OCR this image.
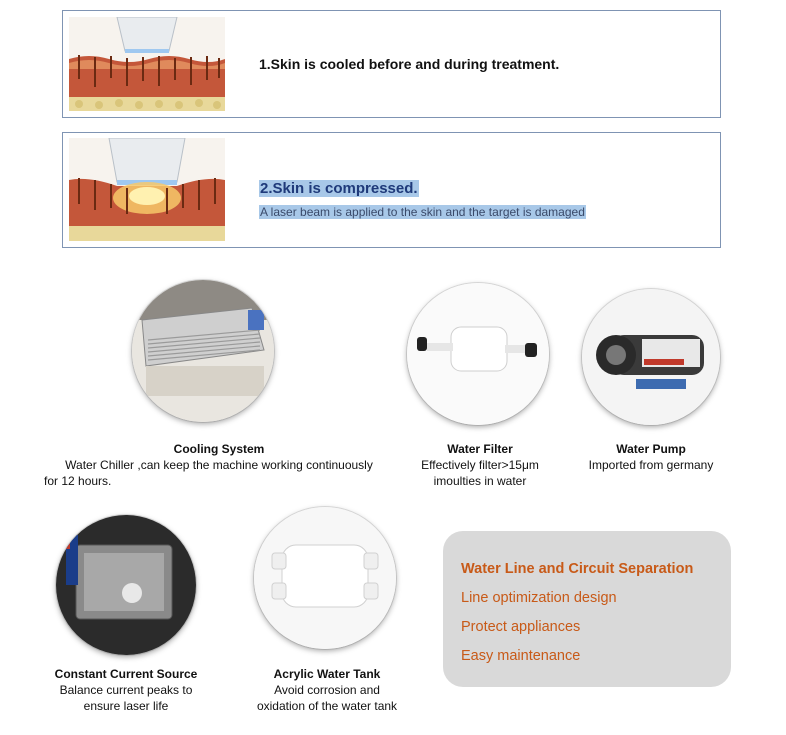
1.Skin is cooled before and during treatment.
2.Skin is compressed.
A laser beam is applied to the skin and the target is damaged
Cooling System
Water Chiller ,can keep the machine working continuously
for 12 hours.
Water Filter
Effectively filter>15μm
imoulties in water
Water Pump
Imported from germany
Constant Current Source
Balance current peaks to
ensure laser life
Acrylic Water Tank
Avoid corrosion and
oxidation of the water tank
Water Line and Circuit Separation
Line optimization design
Protect appliances
Easy maintenance
